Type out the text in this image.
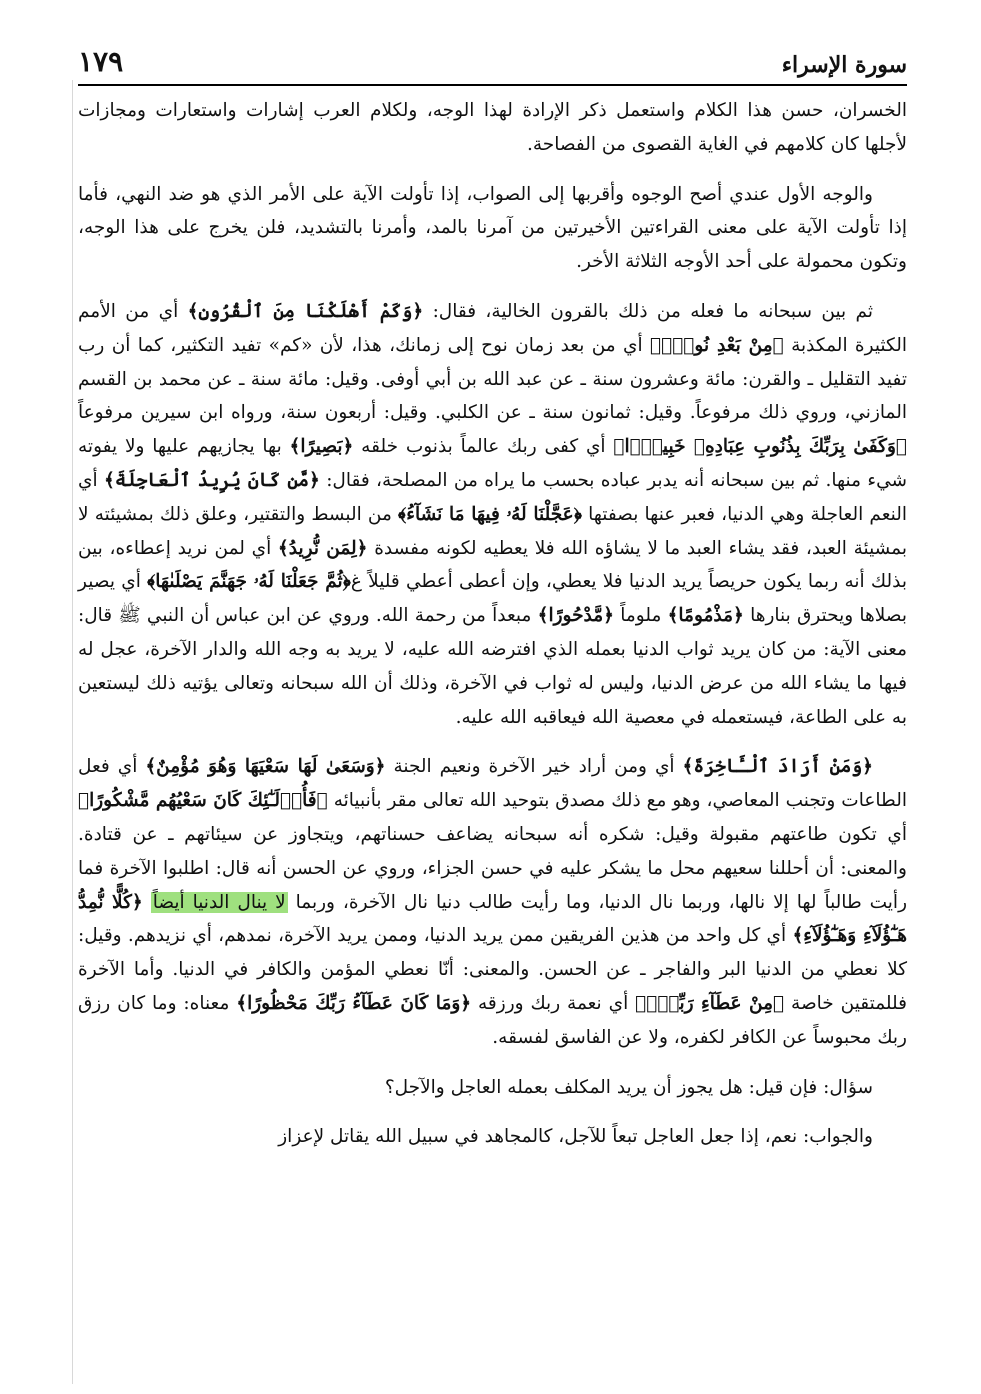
١٧٩	سورة الإسراء

الخسران، حسن هذا الكلام واستعمل ذكر الإرادة لهذا الوجه، ولكلام العرب إشارات واستعارات ومجازات لأجلها كان كلامهم في الغاية القصوى من الفصاحة.

والوجه الأول عندي أصح الوجوه وأقربها إلى الصواب، إذا تأولت الآية على الأمر الذي هو ضد النهي، فأما إذا تأولت الآية على معنى القراءتين الأخيرتين من آمرنا بالمد، وأمرنا بالتشديد، فلن يخرج على هذا الوجه، وتكون محمولة على أحد الأوجه الثلاثة الأخر.

ثم بين سبحانه ما فعله من ذلك بالقرون الخالية، فقال: ﴿وَكَمْ أَهْلَكْنَا مِنَ ٱلْقُرُونِ﴾ أي من الأمم الكثيرة المكذبة ﴿مِنْ بَعْدِ نُوحٍۗ﴾ أي من بعد زمان نوح إلى زمانك، هذا، لأن «كم» تفيد التكثير، كما أن رب تفيد التقليل ـ والقرن: مائة وعشرون سنة ـ عن عبد الله بن أبي أوفى. وقيل: مائة سنة ـ عن محمد بن القسم المازني، وروي ذلك مرفوعاً. وقيل: ثمانون سنة ـ عن الكلبي. وقيل: أربعون سنة، ورواه ابن سيرين مرفوعاً ﴿وَكَفَىٰ بِرَبِّكَ بِذُنُوبِ عِبَادِهِۦ خَبِيرًۢا﴾ أي كفى ربك عالماً بذنوب خلقه ﴿بَصِيرًا﴾ بها يجازيهم عليها ولا يفوته شيء منها. ثم بين سبحانه أنه يدبر عباده بحسب ما يراه من المصلحة، فقال: ﴿مَّن كَانَ يُرِيدُ ٱلْعَاجِلَةَ﴾ أي النعم العاجلة وهي الدنيا، فعبر عنها بصفتها ﴿عَجَّلْنَا لَهُۥ فِيهَا مَا نَشَآءُ﴾ من البسط والتقتير، وعلق ذلك بمشيئته لا بمشيئة العبد، فقد يشاء العبد ما لا يشاؤه الله فلا يعطيه لكونه مفسدة ﴿لِمَن نُّرِيدُ﴾ أي لمن نريد إعطاءه، بين بذلك أنه ربما يكون حريصاً يريد الدنيا فلا يعطي، وإن أعطى أعطي قليلاً غ﴿ثُمَّ جَعَلْنَا لَهُۥ جَهَنَّمَ يَصْلَىٰهَا﴾ أي يصير بصلاها ويحترق بنارها ﴿مَذْمُومًا﴾ ملوماً ﴿مَّدْحُورًا﴾ مبعداً من رحمة الله. وروي عن ابن عباس أن النبي ﷺ قال: معنى الآية: من كان يريد ثواب الدنيا بعمله الذي افترضه الله عليه، لا يريد به وجه الله والدار الآخرة، عجل له فيها ما يشاء الله من عرض الدنيا، وليس له ثواب في الآخرة، وذلك أن الله سبحانه وتعالى يؤتيه ذلك ليستعين به على الطاعة، فيستعمله في معصية الله فيعاقبه الله عليه.

﴿وَمَنْ أَرَادَ ٱلْـَٔاخِرَةَ﴾ أي ومن أراد خير الآخرة ونعيم الجنة ﴿وَسَعَىٰ لَهَا سَعْيَهَا وَهُوَ مُؤْمِنٌ﴾ أي فعل الطاعات وتجنب المعاصي، وهو مع ذلك مصدق بتوحيد الله تعالى مقر بأنبيائه ﴿فَأُو۟لَـٰٓئِكَ كَانَ سَعْيُهُم مَّشْكُورًا﴾ أي تكون طاعتهم مقبولة وقيل: شكره أنه سبحانه يضاعف حسناتهم، ويتجاوز عن سيئاتهم ـ عن قتادة. والمعنى: أن أحللنا سعيهم محل ما يشكر عليه في حسن الجزاء، وروي عن الحسن أنه قال: اطلبوا الآخرة فما رأيت طالباً لها إلا نالها، وربما نال الدنيا، وما رأيت طالب دنيا نال الآخرة، وربما لا ينال الدنيا أيضاً ﴿كُلًّا نُّمِدُّ هَـٰٓؤُلَآءِ وَهَـٰٓؤُلَآءِ﴾ أي كل واحد من هذين الفريقين ممن يريد الدنيا، وممن يريد الآخرة، نمدهم، أي نزيدهم. وقيل: كلا نعطي من الدنيا البر والفاجر ـ عن الحسن. والمعنى: أنّا نعطي المؤمن والكافر في الدنيا. وأما الآخرة فللمتقين خاصة ﴿مِنْ عَطَآءِ رَبِّكَۚ﴾ أي نعمة ربك ورزقه ﴿وَمَا كَانَ عَطَآءُ رَبِّكَ مَحْظُورًا﴾ معناه: وما كان رزق ربك محبوساً عن الكافر لكفره، ولا عن الفاسق لفسقه.

سؤال: فإن قيل: هل يجوز أن يريد المكلف بعمله العاجل والآجل؟

والجواب: نعم، إذا جعل العاجل تبعاً للآجل، كالمجاهد في سبيل الله يقاتل لإعزاز
